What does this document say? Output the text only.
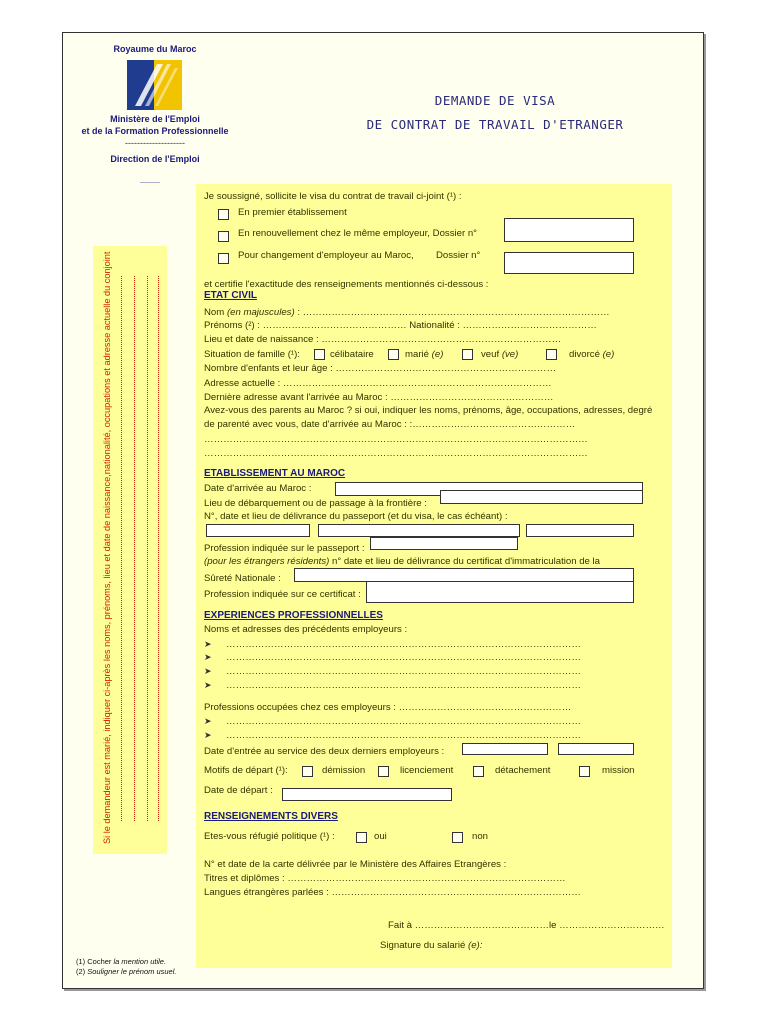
Royaume du Maroc
Ministère de l'Emploi
et de la Formation Professionnelle
--------------------
Direction de l'Emploi
____
DEMANDE DE VISA
DE CONTRAT DE TRAVAIL D'ETRANGER
Si le demandeur est marié, indiquer ci-après les noms, prénoms, lieu et date de naissance,nationalité, occupations et adresse actuelle du conjoint
Je soussigné, sollicite le visa du contrat de travail ci-joint (¹) :
En premier établissement
En renouvellement chez le même employeur, Dossier n°
Pour changement d'employeur au Maroc, Dossier n°
et certifie l'exactitude des renseignements mentionnés ci-dessous :
ETAT CIVIL
Nom (en majuscules) : ……………………………………………………………………………………
Prénoms (²) : ……………………………………… Nationalité : ……………………………………
Lieu et date de naissance : …………………………………………………………………
Situation de famille (¹):	célibataire	marié (e)	veuf (ve)	divorcé (e)
Nombre d'enfants et leur âge : ……………………………………………………………
Adresse actuelle : …………………………………………………………………………
Dernière adresse avant l'arrivée au Maroc : ……………………………………………
Avez-vous des parents au Maroc ? si oui, indiquer les noms, prénoms, âge, occupations, adresses, degré
de parenté avec vous, date d'arrivée au Maroc : :……………………………………………
…………………………………………………………………………………………………………
…………………………………………………………………………………………………………
ETABLISSEMENT AU MAROC
Date d'arrivée au Maroc :
Lieu de débarquement ou de passage à la frontière :
N°, date et lieu de délivrance du passeport (et du visa, le cas échéant) :
Profession indiquée sur le passeport :
(pour les étrangers résidents) n° date et lieu de délivrance du certificat d'immatriculation de la
Sûreté Nationale :
Profession indiquée sur ce certificat :
EXPERIENCES PROFESSIONNELLES
Noms et adresses des précédents employeurs :
➤ …………………………………………………………………………………………………
➤ …………………………………………………………………………………………………
➤ …………………………………………………………………………………………………
➤ …………………………………………………………………………………………………
Professions occupées chez ces employeurs : ………………………………………………
➤ …………………………………………………………………………………………………
➤ …………………………………………………………………………………………………
Date d'entrée au service des deux derniers employeurs :
Motifs de départ (¹):	démission	licenciement	détachement	mission
Date de départ :
RENSEIGNEMENTS DIVERS
Etes-vous réfugié politique (¹) :	oui	non
N° et date de la carte délivrée par le Ministère des Affaires Etrangères :
Titres et diplômes : ……………………………………………………………………………
Langues étrangères parlées : ……………………………………………………………………
Fait à ……………………………………le ……………………………
Signature du salarié (e):
(1) Cocher la mention utile.
(2) Souligner le prénom usuel.
